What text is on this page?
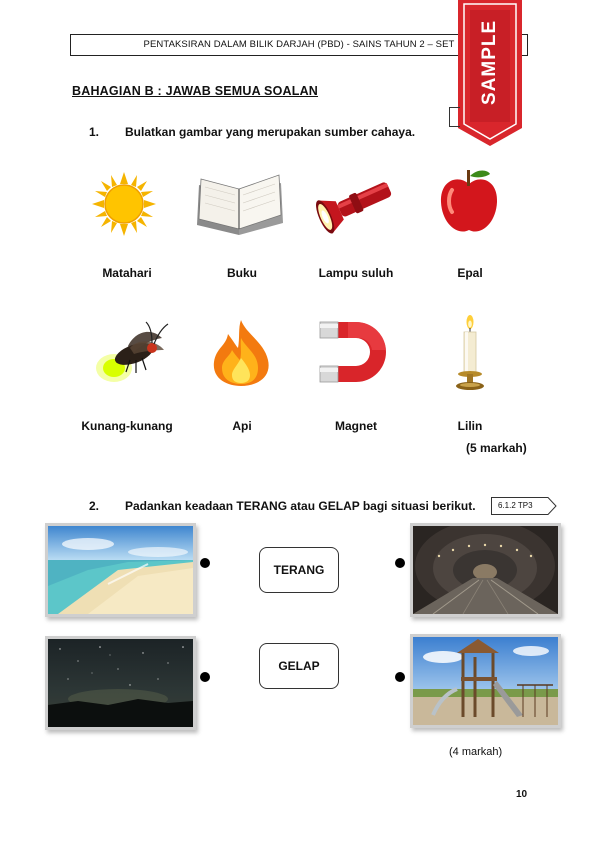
PENTAKSIRAN DALAM BILIK DARJAH (PBD) - SAINS TAHUN 2 – SET	SAMPLE
BAHAGIAN B : JAWAB SEMUA SOALAN
1. Bulatkan gambar yang merupakan sumber cahaya.
Matahari	Buku	Lampu suluh	Epal
Kunang-kunang	Api	Magnet	Lilin
(5 markah)
2. Padankan keadaan TERANG atau GELAP bagi situasi berikut.	6.1.2 TP3
TERANG
GELAP
(4 markah)
10
